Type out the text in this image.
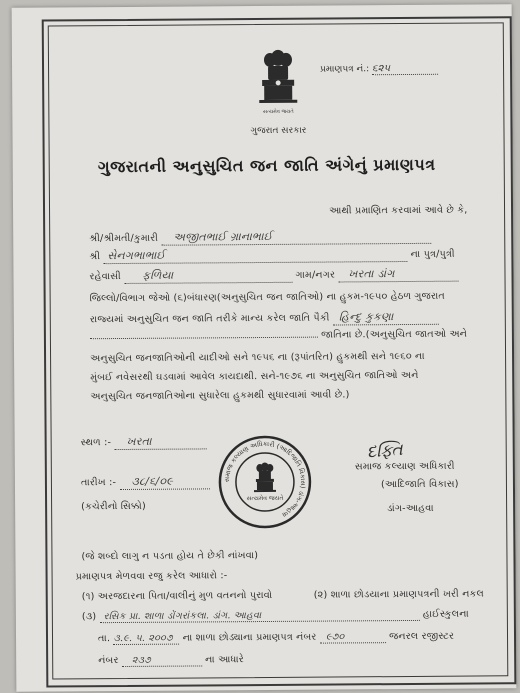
પ્રમાણપત્ર નં.: ૬૨૫
સત્યમેવ જયતે
ગુજરાત સરકાર
ગુજરાતની અનુસુચિત જન જાતિ અંગેનું પ્રમાણપત્ર
આથી પ્રમાણિત કરવામાં આવે છે કે,
શ્રી/શ્રીમતી/કુમારી અજીતભાઈ ગ્રાનાભાઈ
શ્રી સેનગભાભાઈ	ના પુત્ર/પુત્રી
રહેવાસી ફળિયા	ગામ/નગર ખરતા ડાંગ
જિલ્લો/વિભાગ જેઓ (૬)બંધારણ(અનુસુચિત જન જાતિઓ) ના હુકમ-૧૯૫૦ હેઠળ ગુજરાત
રાજ્યમાં અનુસુચિત જન જાતિ તરીકે માન્ય કરેલ જાતિ પૈકી હિન્દુ કુકણા
જાતિના છે.(અનુસુચિત જાતઓ અને
અનુસુચિત જનજાતિઓની યાદીઓ સને ૧૯૫૬ ના (રૂપાંતરિત) હુકમથી સને ૧૯૬૦ ના
મુંબઈ નવેસરથી ઘડવામાં આવેલ કાયદાથી. સને-૧૯૭૬ ના અનુસુચિત જાતિઓ અને
અનુસુચિત જનજાતિઓના સુધારેલા હુકમથી સુધારવામાં આવી છે.)
સ્થળ :- ખરતા
તારીખ :- ૩૮/૬/૦૯
(કચેરીનો સિક્કો)
સમાજ કલ્યાણ અધિકારી (આદિજાતિ વિકાસ) ડાંગ-આહવા
સત્યમેવ જયતે
દફ્તિ
સમાજ કલ્યાણ અધિકારી
(આદિજાતિ વિકાસ)
ડાંગ-આહવા
(જે શબ્દો લાગુ ન પડતા હોય તે છેકી નાંખવા)
પ્રમાણપત્ર મેળવવા રજુ કરેલ આધારો :-
(૧) અરજદારના પિતા/વાલીનું મુળ વતનનો પુરાવો	(૨) શાળા છોડયાના પ્રમાણપત્રની ખરી નકલ
(૩) રસિક પ્રા. શાળા ડોંગરાંકલા. ડાંગ. આહવા	હાઈસ્કુલના
તા. ૩.૯. ૫. ૨૦૦૭ ના શાળા છોડ્યાના પ્રમાણપત્ર નંબર ૯૭૦	જનરલ રજીસ્ટર
નંબર ૨૩૭	ના આધારે
